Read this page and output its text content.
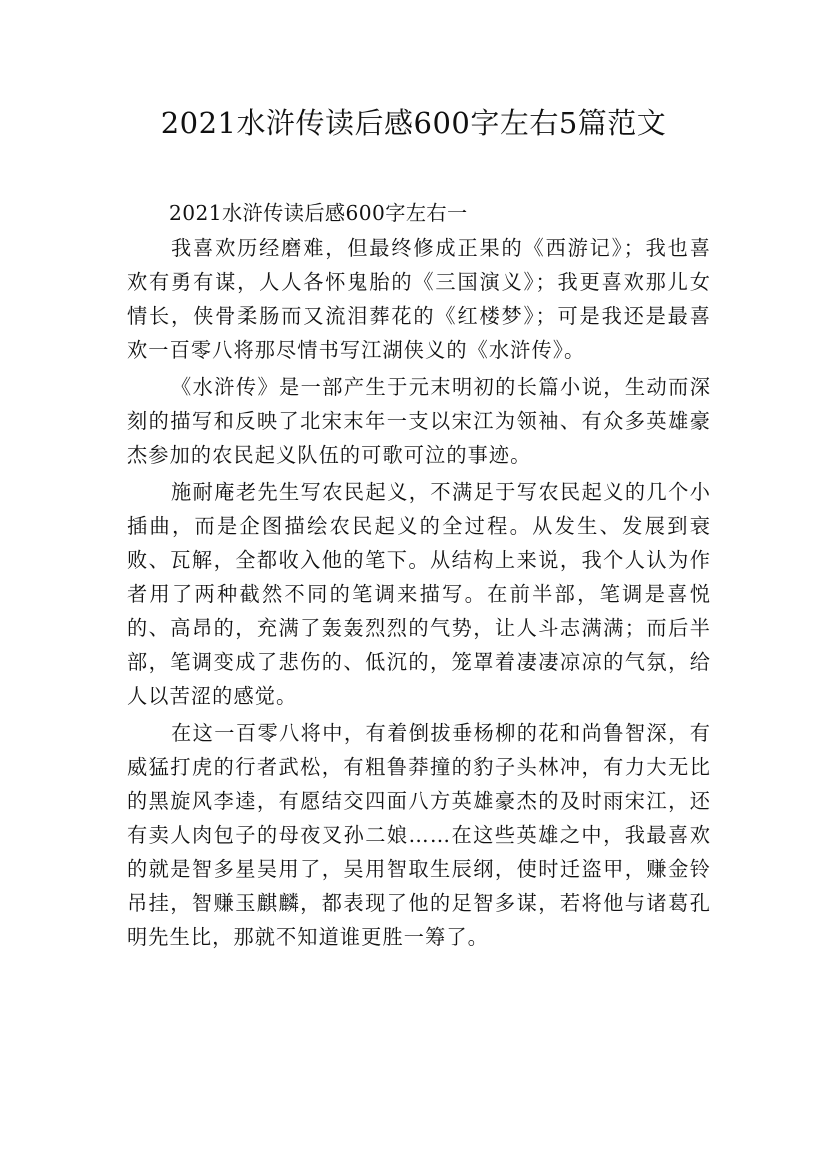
2021水浒传读后感600字左右5篇范文
2021水浒传读后感600字左右一

我喜欢历经磨难，但最终修成正果的《西游记》；我也喜欢有勇有谋，人人各怀鬼胎的《三国演义》；我更喜欢那儿女情长，侠骨柔肠而又流泪葬花的《红楼梦》；可是我还是最喜欢一百零八将那尽情书写江湖侠义的《水浒传》。

《水浒传》是一部产生于元末明初的长篇小说，生动而深刻的描写和反映了北宋末年一支以宋江为领袖、有众多英雄豪杰参加的农民起义队伍的可歌可泣的事迹。

施耐庵老先生写农民起义，不满足于写农民起义的几个小插曲，而是企图描绘农民起义的全过程。从发生、发展到衰败、瓦解，全都收入他的笔下。从结构上来说，我个人认为作者用了两种截然不同的笔调来描写。在前半部，笔调是喜悦的、高昂的，充满了轰轰烈烈的气势，让人斗志满满；而后半部，笔调变成了悲伤的、低沉的，笼罩着凄凄凉凉的气氛，给人以苦涩的感觉。

在这一百零八将中，有着倒拔垂杨柳的花和尚鲁智深，有威猛打虎的行者武松，有粗鲁莽撞的豹子头林冲，有力大无比的黑旋风李逵，有愿结交四面八方英雄豪杰的及时雨宋江，还有卖人肉包子的母夜叉孙二娘……在这些英雄之中，我最喜欢的就是智多星吴用了，吴用智取生辰纲，使时迁盗甲，赚金铃吊挂，智赚玉麒麟，都表现了他的足智多谋，若将他与诸葛孔明先生比，那就不知道谁更胜一筹了。
